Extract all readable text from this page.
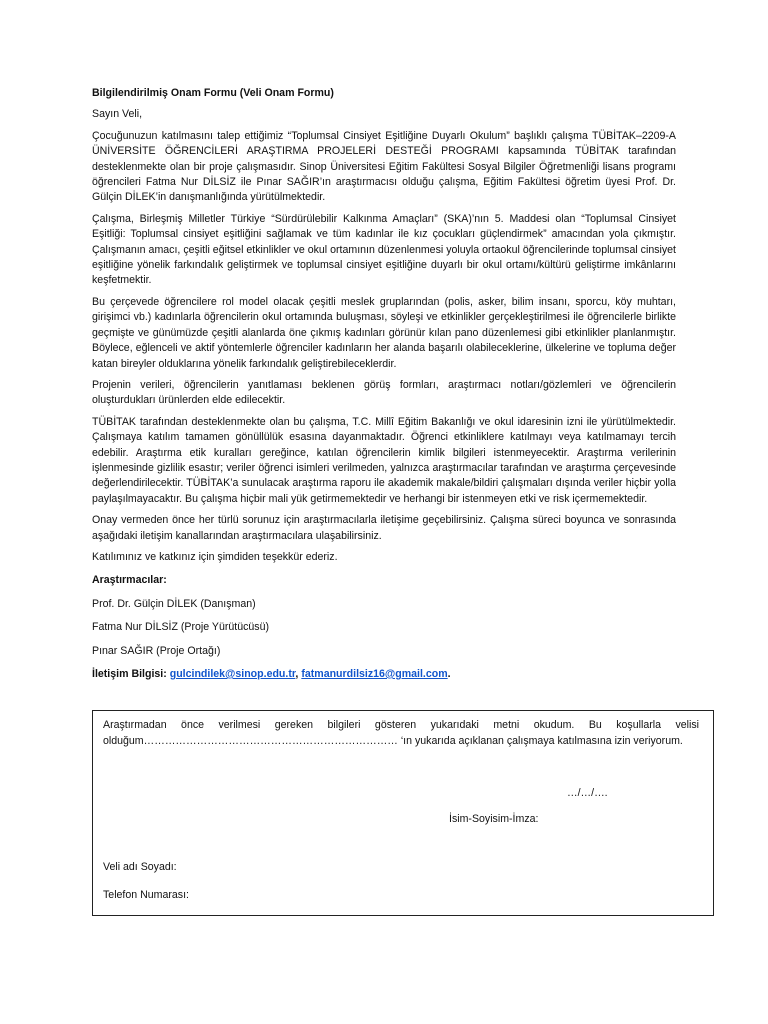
Bilgilendirilmiş Onam Formu (Veli Onam Formu)

Sayın Veli,

Çocuğunuzun katılmasını talep ettiğimiz “Toplumsal Cinsiyet Eşitliğine Duyarlı Okulum” başlıklı çalışma TÜBİTAK–2209-A ÜNİVERSİTE ÖĞRENCİLERİ ARAŞTIRMA PROJELERİ DESTEĞİ PROGRAMI kapsamında TÜBİTAK tarafından desteklenmekte olan bir proje çalışmasıdır. Sinop Üniversitesi Eğitim Fakültesi Sosyal Bilgiler Öğretmenliği lisans programı öğrencileri Fatma Nur DİLSİZ ile Pınar SAĞIR’ın araştırmacısı olduğu çalışma, Eğitim Fakültesi öğretim üyesi Prof. Dr. Gülçin DİLEK’in danışmanlığında yürütülmektedir.

Çalışma, Birleşmiş Milletler Türkiye “Sürdürülebilir Kalkınma Amaçları” (SKA)’nın 5. Maddesi olan “Toplumsal Cinsiyet Eşitliği: Toplumsal cinsiyet eşitliğini sağlamak ve tüm kadınlar ile kız çocukları güçlendirmek” amacından yola çıkmıştır. Çalışmanın amacı, çeşitli eğitsel etkinlikler ve okul ortamının düzenlenmesi yoluyla ortaokul öğrencilerinde toplumsal cinsiyet eşitliğine yönelik farkındalık geliştirmek ve toplumsal cinsiyet eşitliğine duyarlı bir okul ortamı/kültürü geliştirme imkânlarını keşfetmektir.

Bu çerçevede öğrencilere rol model olacak çeşitli meslek gruplarından (polis, asker, bilim insanı, sporcu, köy muhtarı, girişimci vb.) kadınlarla öğrencilerin okul ortamında buluşması, söyleşi ve etkinlikler gerçekleştirilmesi ile öğrencilerle birlikte geçmişte ve günümüzde çeşitli alanlarda öne çıkmış kadınları görünür kılan pano düzenlemesi gibi etkinlikler planlanmıştır. Böylece, eğlenceli ve aktif yöntemlerle öğrenciler kadınların her alanda başarılı olabileceklerine, ülkelerine ve topluma değer katan bireyler olduklarına yönelik farkındalık geliştirebileceklerdir.

Projenin verileri, öğrencilerin yanıtlaması beklenen görüş formları, araştırmacı notları/gözlemleri ve öğrencilerin oluşturdukları ürünlerden elde edilecektir.

TÜBİTAK tarafından desteklenmekte olan bu çalışma, T.C. Millî Eğitim Bakanlığı ve okul idaresinin izni ile yürütülmektedir. Çalışmaya katılım tamamen gönüllülük esasına dayanmaktadır. Öğrenci etkinliklere katılmayı veya katılmamayı tercih edebilir. Araştırma etik kuralları gereğince, katılan öğrencilerin kimlik bilgileri istenmeyecektir. Araştırma verilerinin işlenmesinde gizlilik esastır; veriler öğrenci isimleri verilmeden, yalnızca araştırmacılar tarafından ve araştırma çerçevesinde değerlendirilecektir. TÜBİTAK’a sunulacak araştırma raporu ile akademik makale/bildiri çalışmaları dışında veriler hiçbir yolla paylaşılmayacaktır. Bu çalışma hiçbir mali yük getirmemektedir ve herhangi bir istenmeyen etki ve risk içermemektedir.

Onay vermeden önce her türlü sorunuz için araştırmacılarla iletişime geçebilirsiniz. Çalışma süreci boyunca ve sonrasında aşağıdaki iletişim kanallarından araştırmacılara ulaşabilirsiniz.

Katılımınız ve katkınız için şimdiden teşekkür ederiz.

Araştırmacılar:

Prof. Dr. Gülçin DİLEK (Danışman)

Fatma Nur DİLSİZ (Proje Yürütücüsü)

Pınar SAĞIR (Proje Ortağı)

İletişim Bilgisi: gulcindilek@sinop.edu.tr, fatmanurdilsiz16@gmail.com.

Araştırmadan önce verilmesi gereken bilgileri gösteren yukarıdaki metni okudum. Bu koşullarla velisi olduğum……………………………………………………………… ‘ın yukarıda açıklanan çalışmaya katılmasına izin veriyorum.
…/…/….
İsim-Soyisim-İmza:
Veli adı Soyadı:
Telefon Numarası:
